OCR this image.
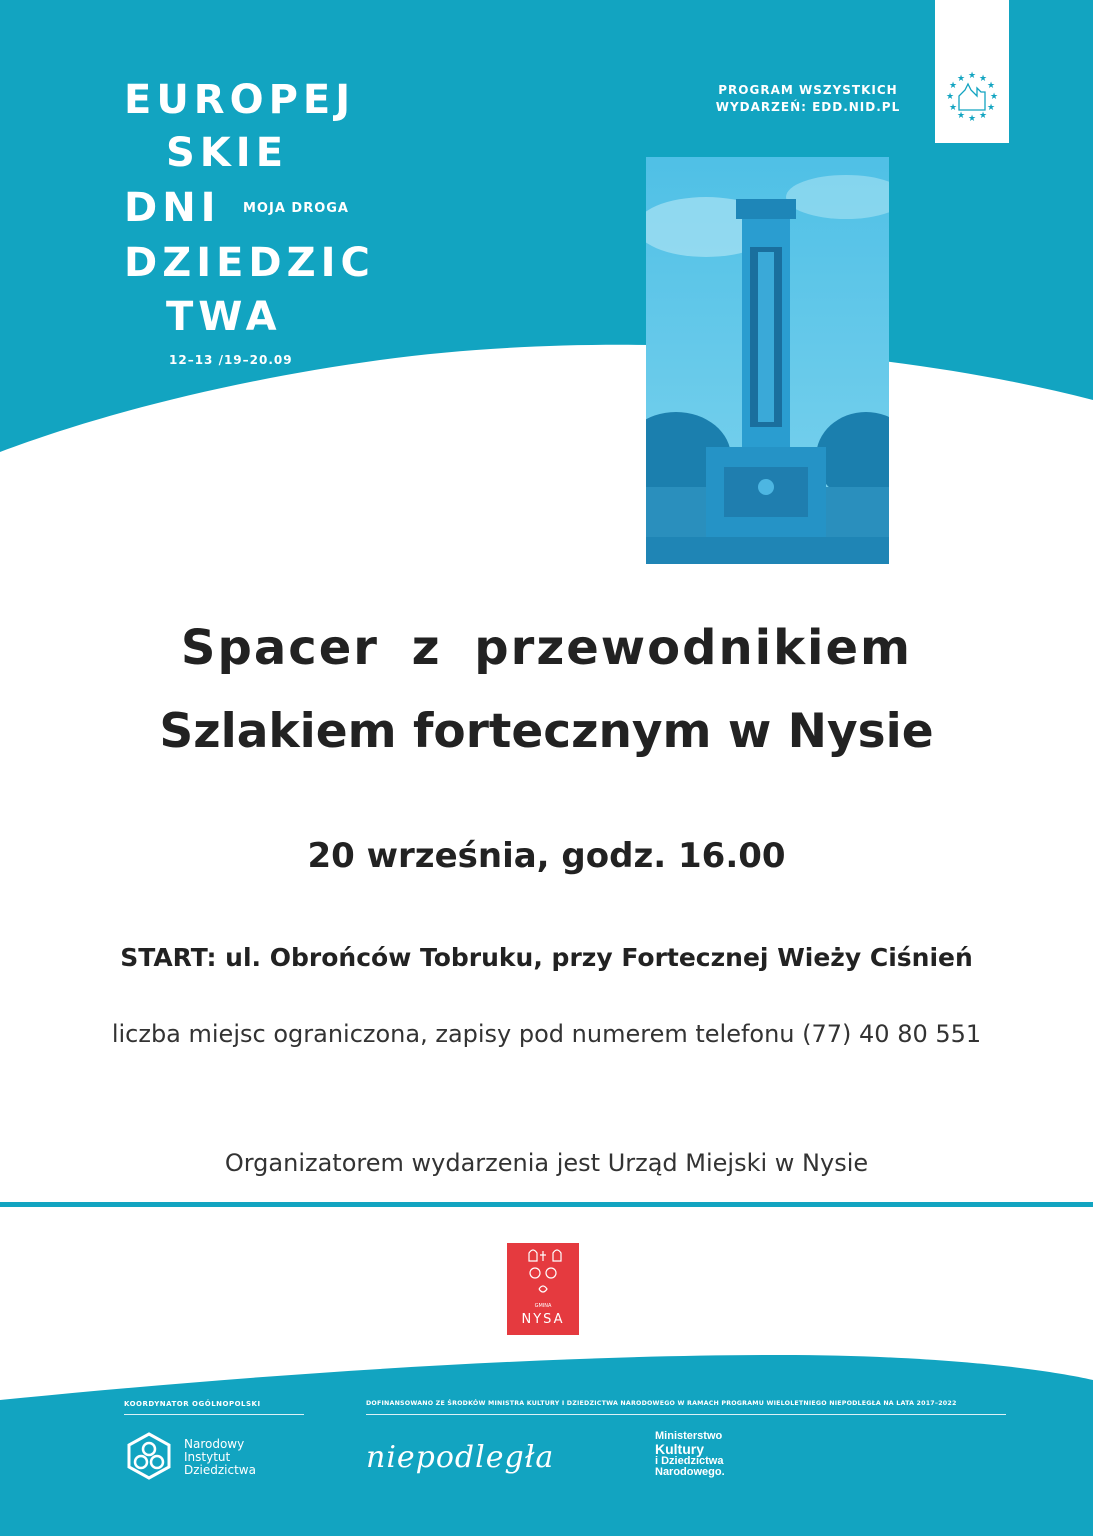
EUROPEJ
SKIE
DNI MOJA DROGA
DZIEDZIC
TWA
12–13 /19–20.09
PROGRAM WSZYSTKICH
WYDARZEŃ: EDD.NID.PL
★ ★
★
★
★
★
★
★
★
★
★
★
Spacer z przewodnikiem
Szlakiem fortecznym w Nysie
20 września, godz. 16.00
START: ul. Obrońców Tobruku, przy Fortecznej Wieży Ciśnień
liczba miejsc ograniczona, zapisy pod numerem telefonu (77) 40 80 551
Organizatorem wydarzenia jest Urząd Miejski w Nysie
GMINA
NYSA
KOORDYNATOR OGÓLNOPOLSKI	DOFINANSOWANO ZE ŚRODKÓW MINISTRA KULTURY I DZIEDZICTWA NARODOWEGO W RAMACH PROGRAMU WIELOLETNIEGO NIEPODLEGŁA NA LATA 2017–2022
Narodowy
Instytut
Dziedzictwa	niepodległa
Ministerstwo
Kultury
i Dziedzictwa
Narodowego.
